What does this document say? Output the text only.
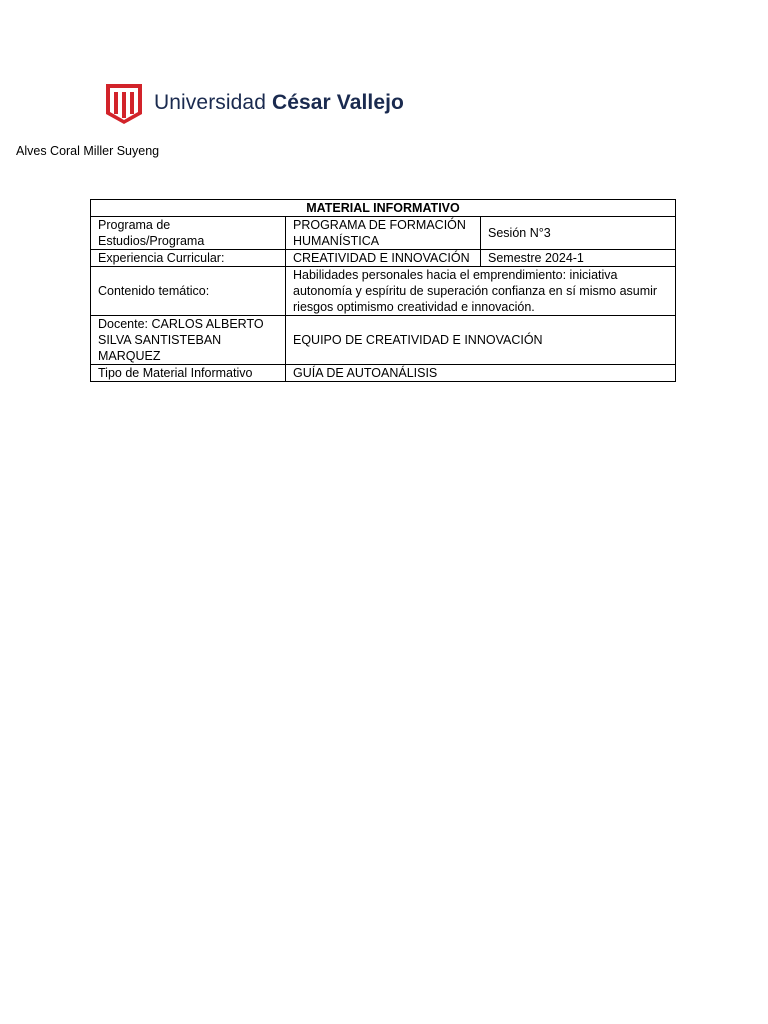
Universidad César Vallejo
Alves Coral Miller Suyeng
MATERIAL INFORMATIVO		
Programa de Estudios/Programa	PROGRAMA DE FORMACIÓN HUMANÍSTICA	Sesión N°3
Experiencia Curricular:	CREATIVIDAD E INNOVACIÓN	Semestre 2024-1
Contenido temático:	Habilidades personales hacia el emprendimiento: iniciativa autonomía y espíritu de superación confianza en sí mismo asumir riesgos optimismo creatividad e innovación.	
Docente: CARLOS ALBERTO SILVA SANTISTEBAN MARQUEZ	EQUIPO DE CREATIVIDAD E INNOVACIÓN	
Tipo de Material Informativo	GUÍA DE AUTOANÁLISIS	
